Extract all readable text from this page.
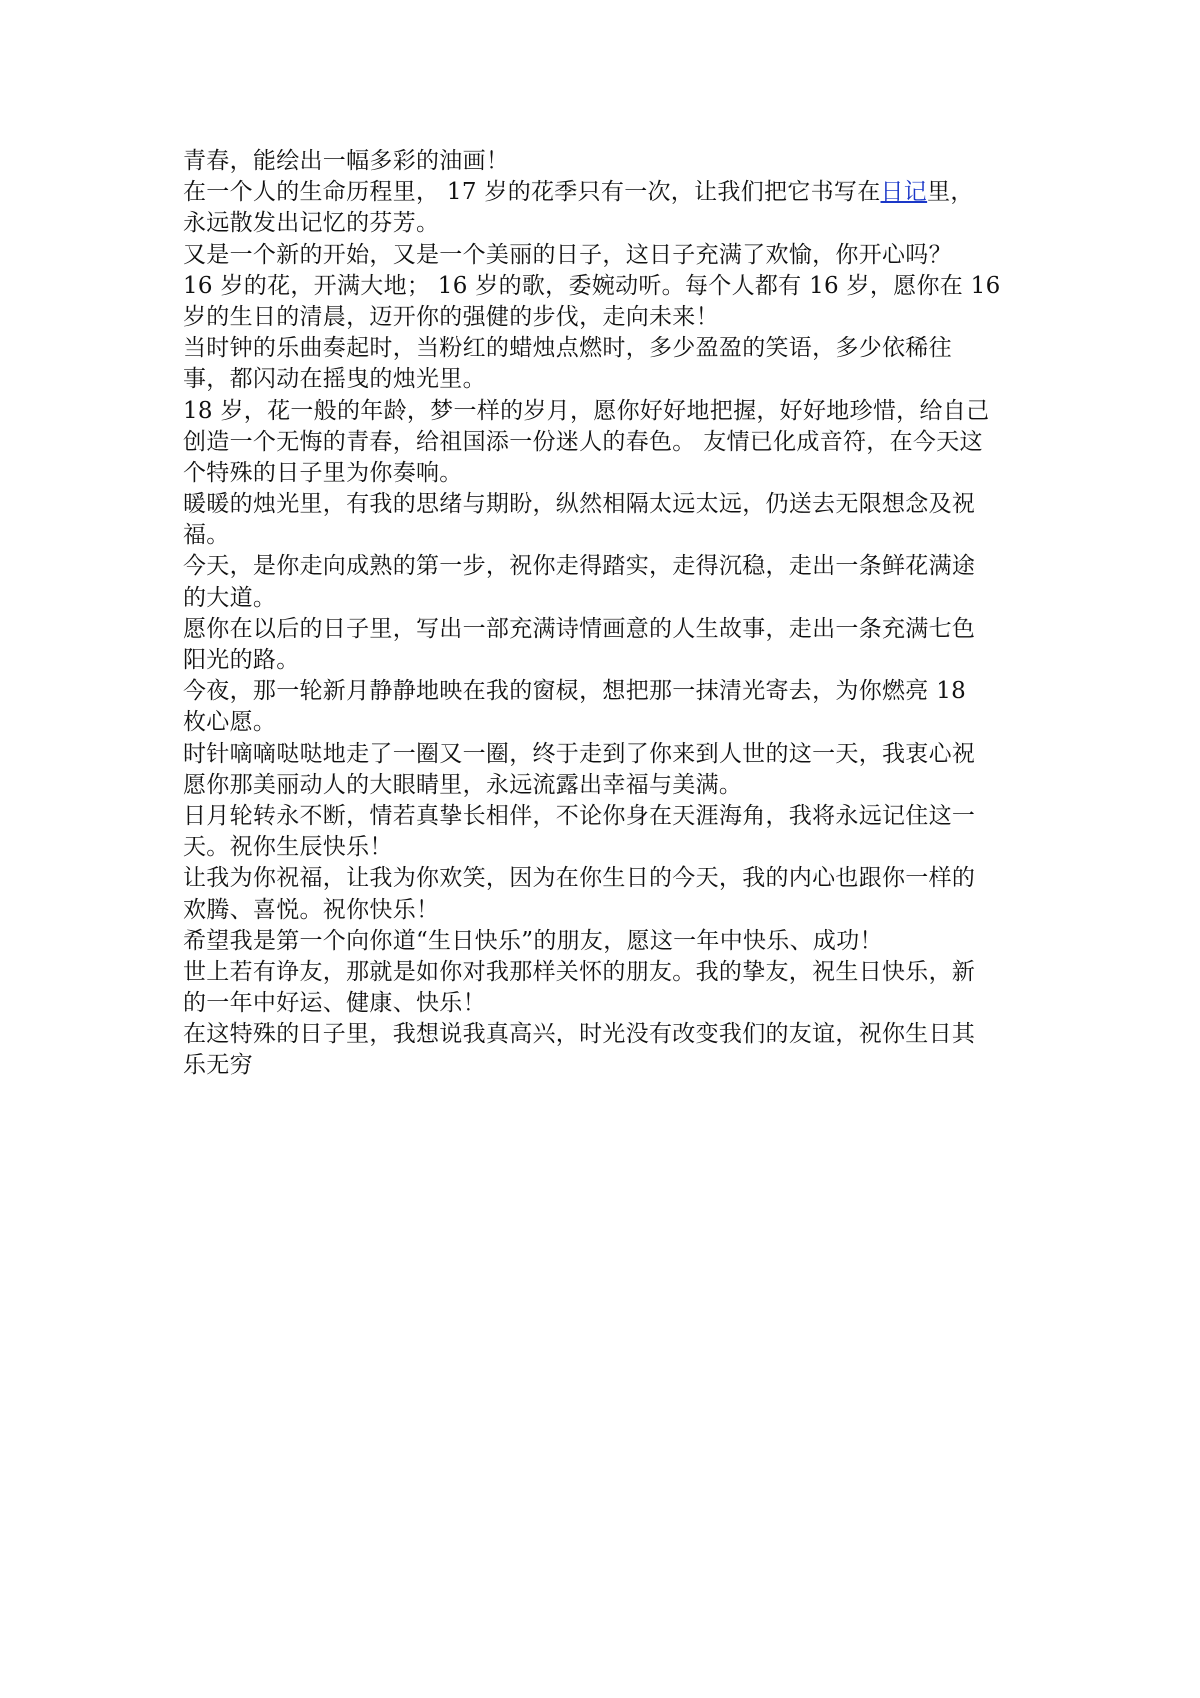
青春，能绘出一幅多彩的油画！
在一个人的生命历程里， 17 岁的花季只有一次，让我们把它书写在日记里，
永远散发出记忆的芬芳。
又是一个新的开始，又是一个美丽的日子，这日子充满了欢愉，你开心吗？
16 岁的花，开满大地； 16 岁的歌，委婉动听。每个人都有 16 岁，愿你在 16
岁的生日的清晨，迈开你的强健的步伐，走向未来！
当时钟的乐曲奏起时，当粉红的蜡烛点燃时，多少盈盈的笑语，多少依稀往
事，都闪动在摇曳的烛光里。
18 岁，花一般的年龄，梦一样的岁月，愿你好好地把握，好好地珍惜，给自己
创造一个无悔的青春，给祖国添一份迷人的春色。 友情已化成音符，在今天这
个特殊的日子里为你奏响。
暖暖的烛光里，有我的思绪与期盼，纵然相隔太远太远，仍送去无限想念及祝
福。
今天，是你走向成熟的第一步，祝你走得踏实，走得沉稳，走出一条鲜花满途
的大道。
愿你在以后的日子里，写出一部充满诗情画意的人生故事，走出一条充满七色
阳光的路。
今夜，那一轮新月静静地映在我的窗棂，想把那一抹清光寄去，为你燃亮 18
枚心愿。
时针嘀嘀哒哒地走了一圈又一圈，终于走到了你来到人世的这一天，我衷心祝
愿你那美丽动人的大眼睛里，永远流露出幸福与美满。
日月轮转永不断，情若真挚长相伴，不论你身在天涯海角，我将永远记住这一
天。祝你生辰快乐！
让我为你祝福，让我为你欢笑，因为在你生日的今天，我的内心也跟你一样的
欢腾、喜悦。祝你快乐！
希望我是第一个向你道“生日快乐”的朋友，愿这一年中快乐、成功！
世上若有诤友，那就是如你对我那样关怀的朋友。我的挚友，祝生日快乐，新
的一年中好运、健康、快乐！
在这特殊的日子里，我想说我真高兴，时光没有改变我们的友谊，祝你生日其
乐无穷
